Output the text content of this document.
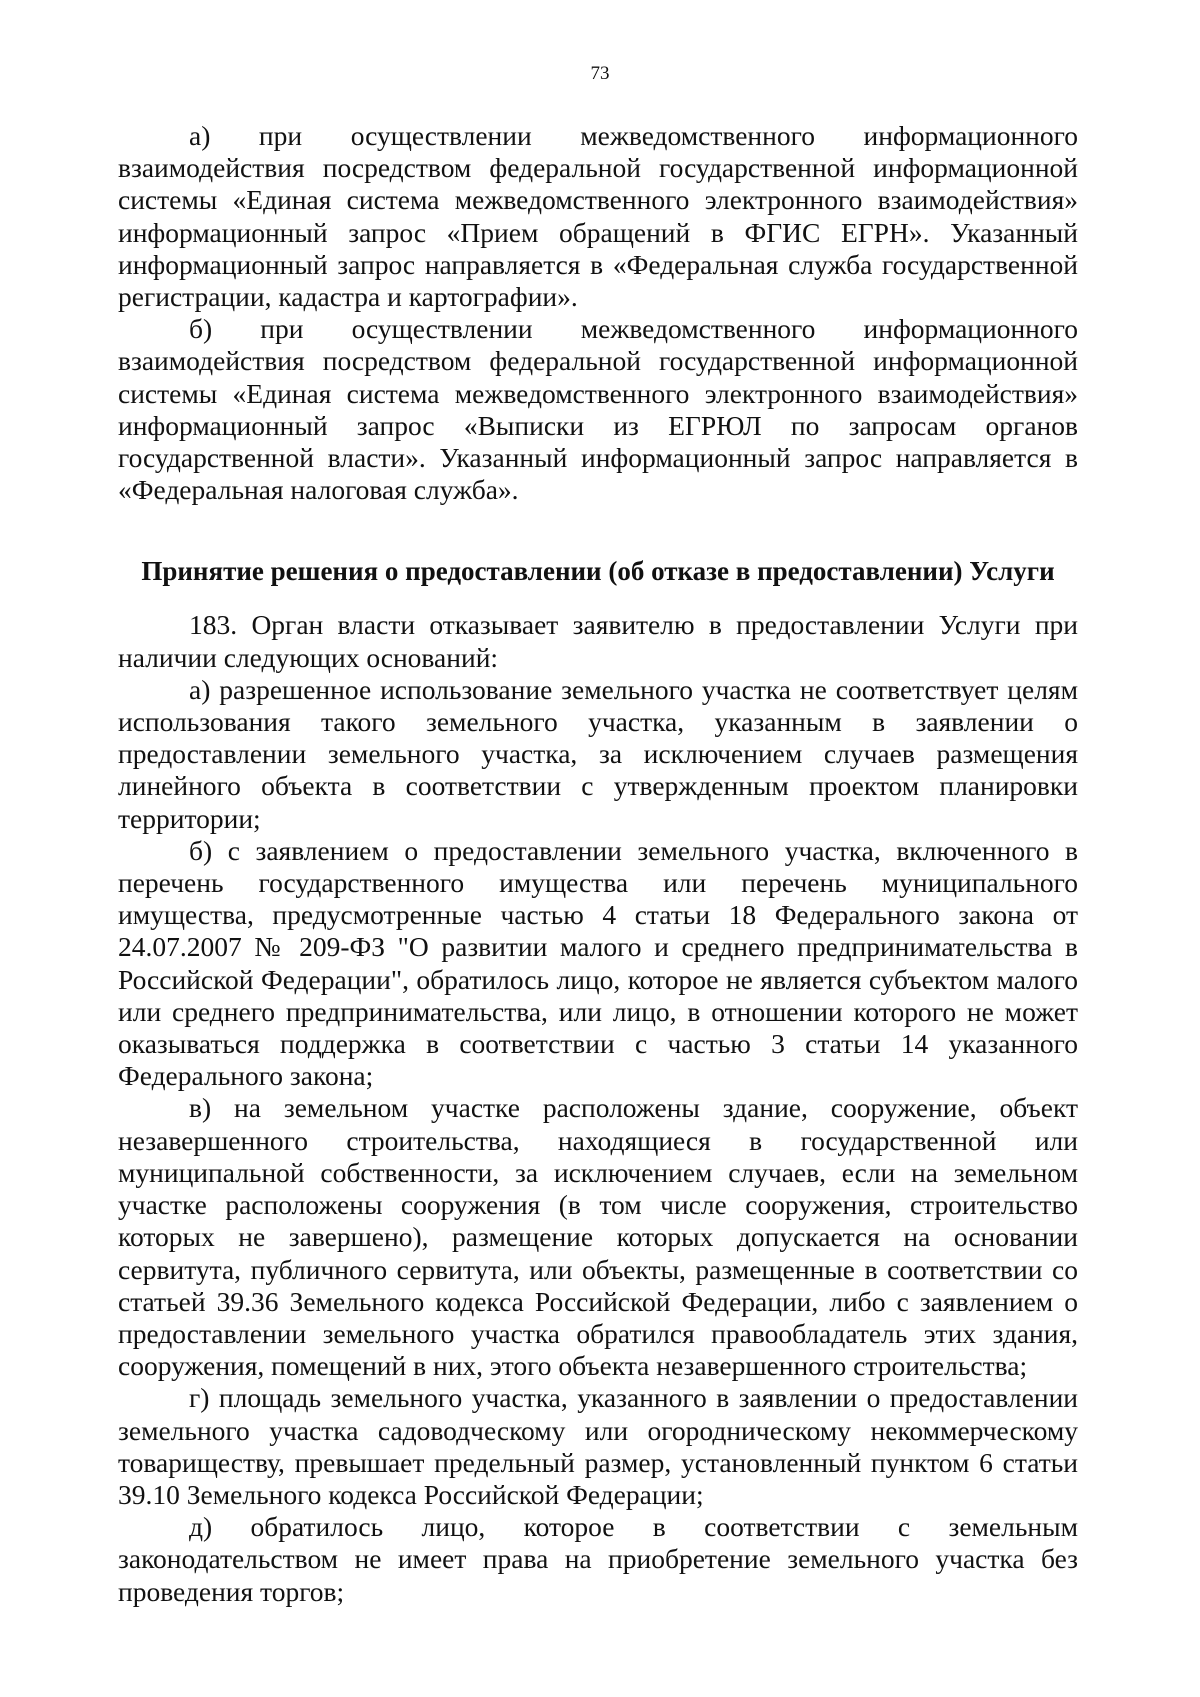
73

а) при осуществлении межведомственного информационного взаимодействия посредством федеральной государственной информационной системы «Единая система межведомственного электронного взаимодействия» информационный запрос «Прием обращений в ФГИС ЕГРН». Указанный информационный запрос направляется в «Федеральная служба государственной регистрации, кадастра и картографии».

б) при осуществлении межведомственного информационного взаимодействия посредством федеральной государственной информационной системы «Единая система межведомственного электронного взаимодействия» информационный запрос «Выписки из ЕГРЮЛ по запросам органов государственной власти». Указанный информационный запрос направляется в «Федеральная налоговая служба».

Принятие решения о предоставлении (об отказе в предоставлении) Услуги

183. Орган власти отказывает заявителю в предоставлении Услуги при наличии следующих оснований:

а) разрешенное использование земельного участка не соответствует целям использования такого земельного участка, указанным в заявлении о предоставлении земельного участка, за исключением случаев размещения линейного объекта в соответствии с утвержденным проектом планировки территории;

б) с заявлением о предоставлении земельного участка, включенного в перечень государственного имущества или перечень муниципального имущества, предусмотренные частью 4 статьи 18 Федерального закона от 24.07.2007 № 209-ФЗ "О развитии малого и среднего предпринимательства в Российской Федерации", обратилось лицо, которое не является субъектом малого или среднего предпринимательства, или лицо, в отношении которого не может оказываться поддержка в соответствии с частью 3 статьи 14 указанного Федерального закона;

в) на земельном участке расположены здание, сооружение, объект незавершенного строительства, находящиеся в государственной или муниципальной собственности, за исключением случаев, если на земельном участке расположены сооружения (в том числе сооружения, строительство которых не завершено), размещение которых допускается на основании сервитута, публичного сервитута, или объекты, размещенные в соответствии со статьей 39.36 Земельного кодекса Российской Федерации, либо с заявлением о предоставлении земельного участка обратился правообладатель этих здания, сооружения, помещений в них, этого объекта незавершенного строительства;

г) площадь земельного участка, указанного в заявлении о предоставлении земельного участка садоводческому или огородническому некоммерческому товариществу, превышает предельный размер, установленный пунктом 6 статьи 39.10 Земельного кодекса Российской Федерации;

д) обратилось лицо, которое в соответствии с земельным законодательством не имеет права на приобретение земельного участка без проведения торгов;
